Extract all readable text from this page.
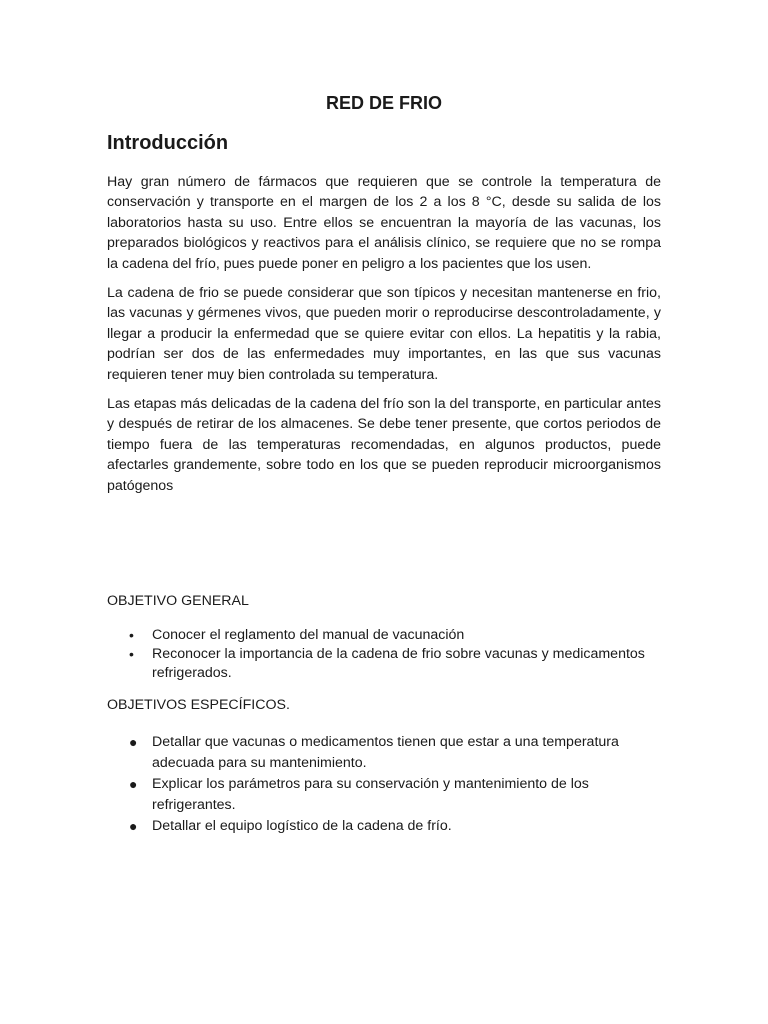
RED DE FRIO
Introducción

Hay gran número de fármacos que requieren que se controle la temperatura de conservación y transporte en el margen de los 2 a los 8 °C, desde su salida de los laboratorios hasta su uso. Entre ellos se encuentran la mayoría de las vacunas, los preparados biológicos y reactivos para el análisis clínico, se requiere que no se rompa la cadena del frío, pues puede poner en peligro a los pacientes que los usen.

La cadena de frio se puede considerar que son típicos y necesitan mantenerse en frio, las vacunas y gérmenes vivos, que pueden morir o reproducirse descontroladamente, y llegar a producir la enfermedad que se quiere evitar con ellos. La hepatitis y la rabia, podrían ser dos de las enfermedades muy importantes, en las que sus vacunas requieren tener muy bien controlada su temperatura.

Las etapas más delicadas de la cadena del frío son la del transporte, en particular antes y después de retirar de los almacenes. Se debe tener presente, que cortos periodos de tiempo fuera de las temperaturas recomendadas, en algunos productos, puede afectarles grandemente, sobre todo en los que se pueden reproducir microorganismos patógenos

OBJETIVO GENERAL

• Conocer el reglamento del manual de vacunación
• Reconocer la importancia de la cadena de frio sobre vacunas y medicamentos refrigerados.

OBJETIVOS ESPECÍFICOS.

● Detallar que vacunas o medicamentos tienen que estar a una temperatura adecuada para su mantenimiento.
● Explicar los parámetros para su conservación y mantenimiento de los refrigerantes.
● Detallar el equipo logístico de la cadena de frío.
